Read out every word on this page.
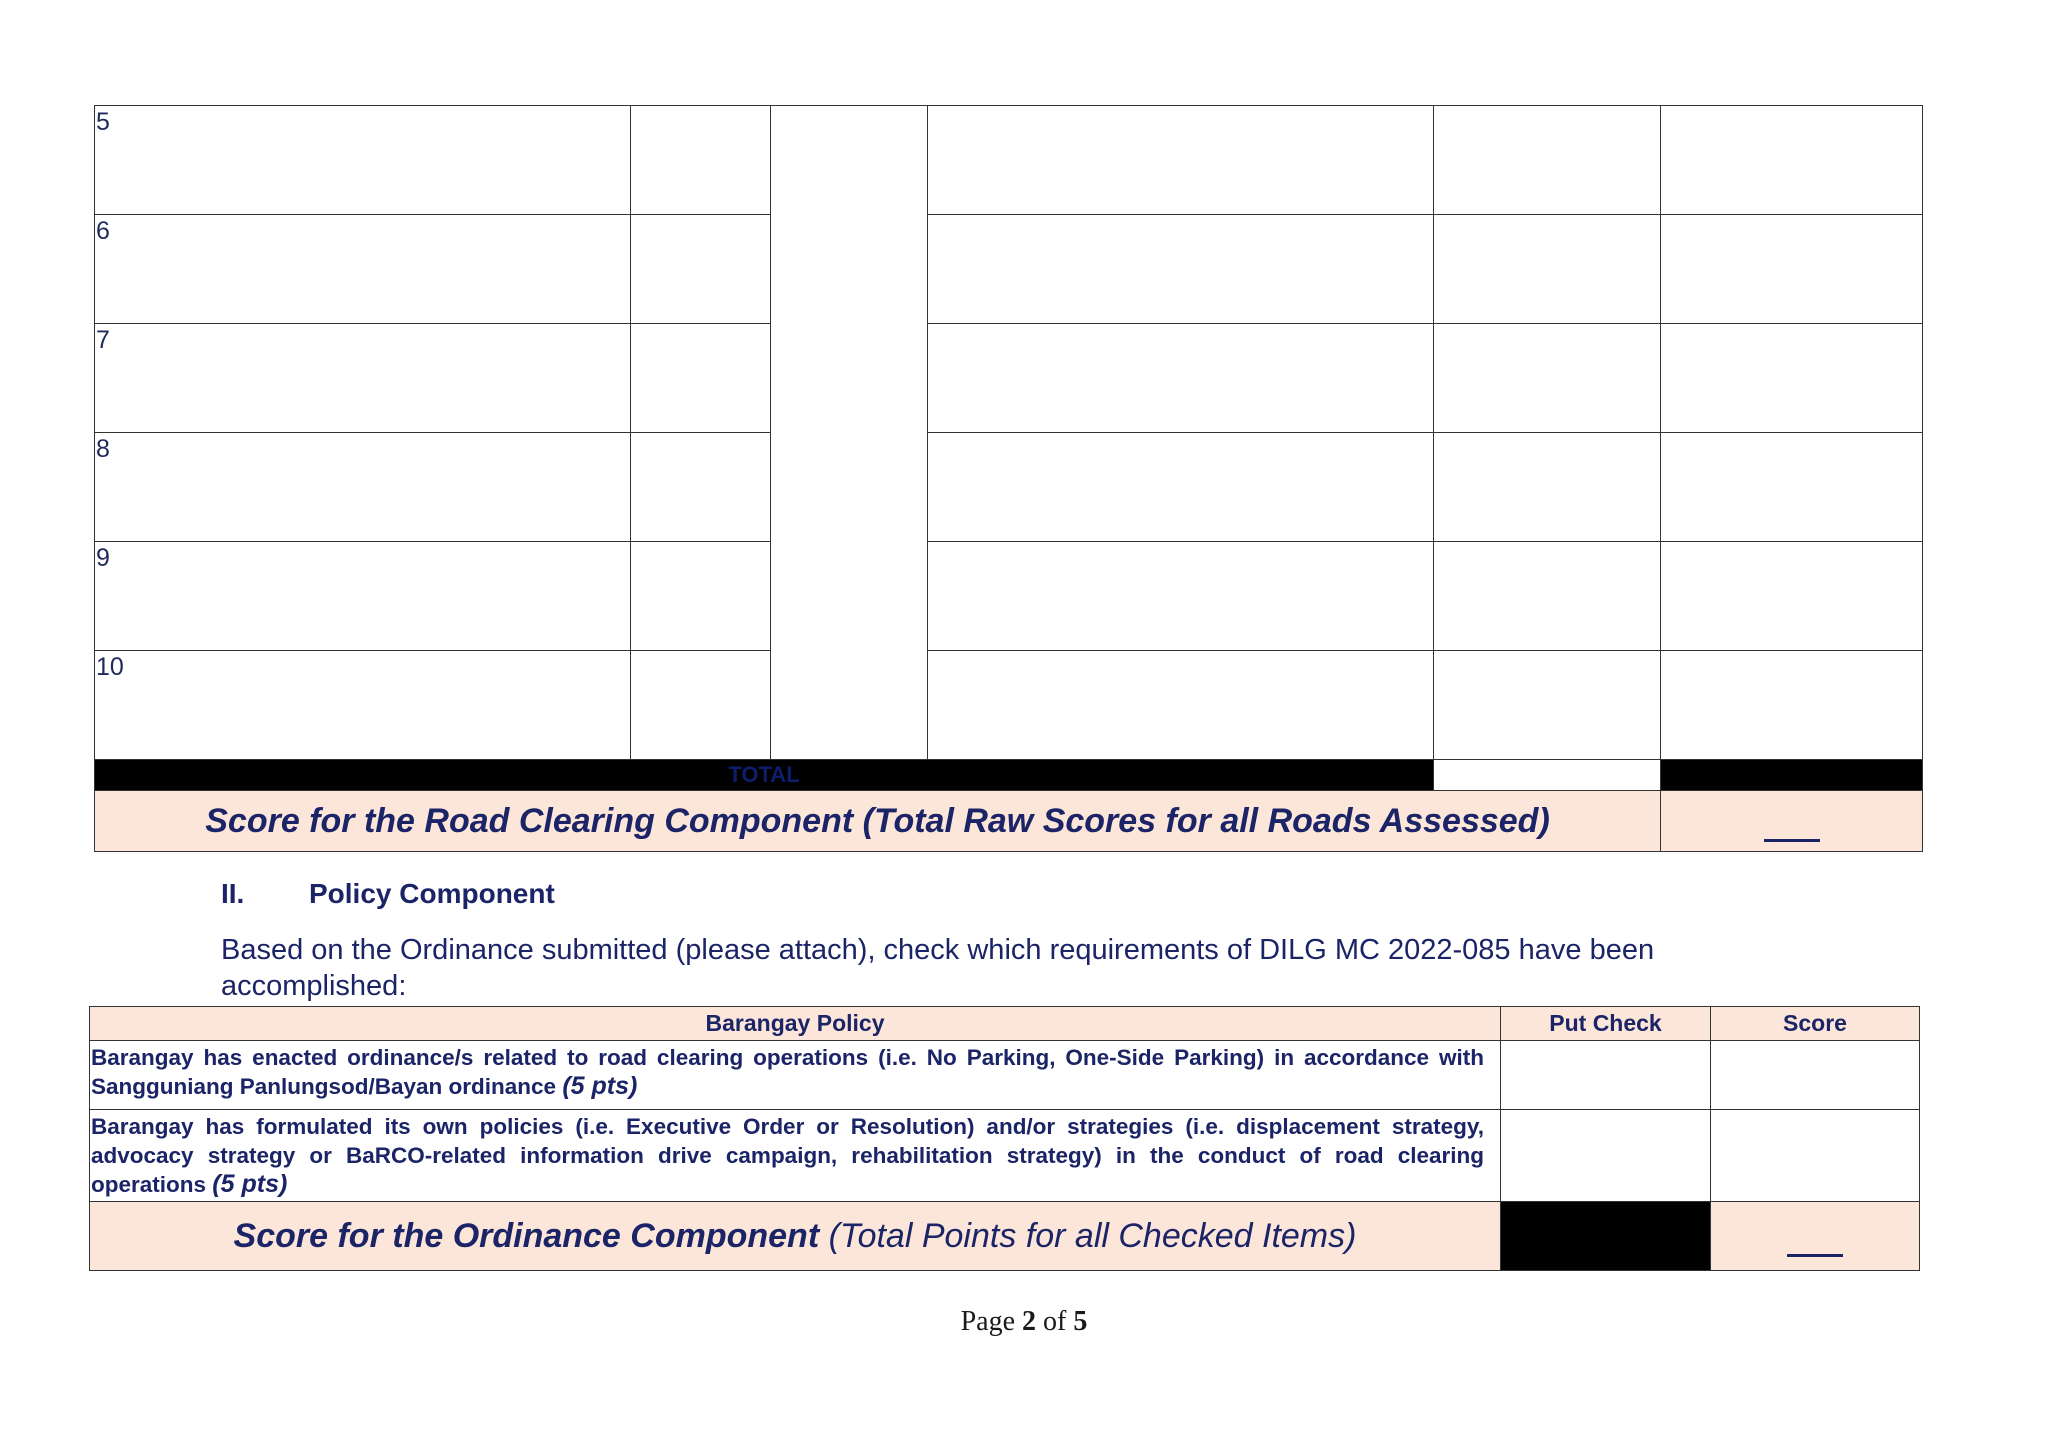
5					
6					
7					
8					
9					
10					
TOTAL					
Score for the Road Clearing Component (Total Raw Scores for all Roads Assessed)					
II. Policy Component
Based on the Ordinance submitted (please attach), check which requirements of DILG MC 2022-085 have been accomplished:
Barangay Policy	Put Check	Score
Barangay has enacted ordinance/s related to road clearing operations (i.e. No Parking, One-Side Parking) in accordance with Sangguniang Panlungsod/Bayan ordinance (5 pts)		
Barangay has formulated its own policies (i.e. Executive Order or Resolution) and/or strategies (i.e. displacement strategy, advocacy strategy or BaRCO-related information drive campaign, rehabilitation strategy) in the conduct of road clearing operations (5 pts)		
Score for the Ordinance Component (Total Points for all Checked Items)		
Page 2 of 5
